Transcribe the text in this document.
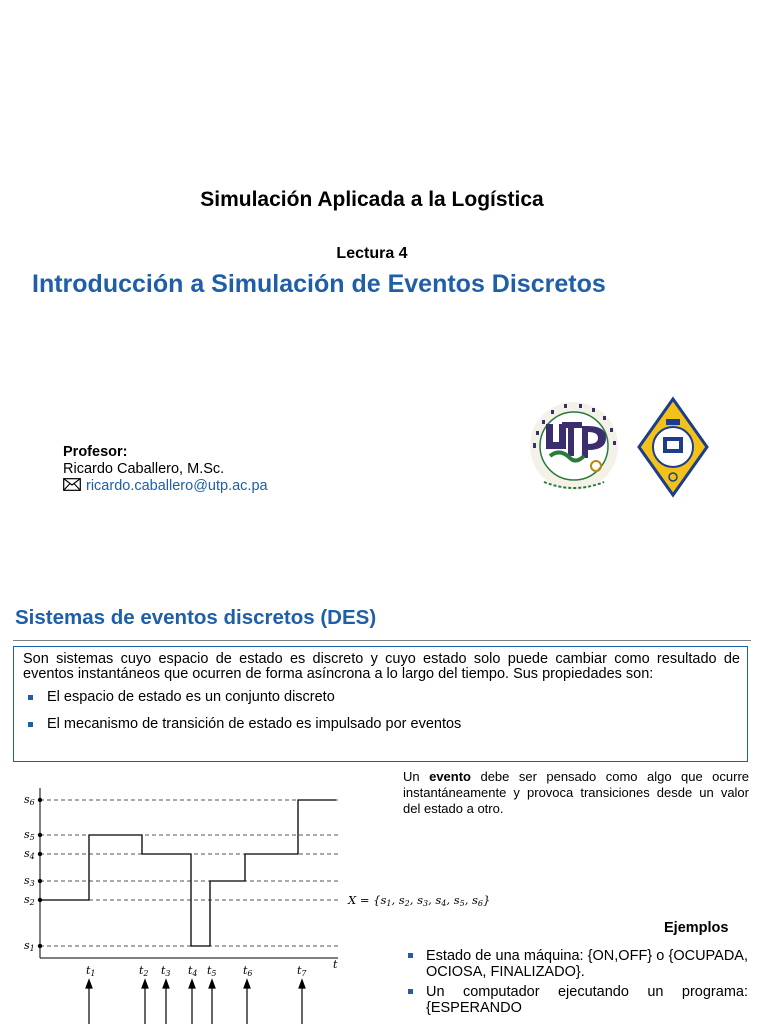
Simulación Aplicada a la Logística
Lectura 4
Introducción a Simulación de Eventos Discretos
Profesor:
Ricardo Caballero, M.Sc.
ricardo.caballero@utp.ac.pa
Sistemas de eventos discretos (DES)
Son sistemas cuyo espacio de estado es discreto y cuyo estado solo puede cambiar como resultado de eventos instantáneos que ocurren de forma asíncrona a lo largo del tiempo. Sus propiedades son:
El espacio de estado es un conjunto discreto
El mecanismo de transición de estado es impulsado por eventos
s6
s5
s4
s3
s2
s1
t1	t2 t3 t4 t5 t6	t7
t
X = {s1, s2, s3, s4, s5, s6}
Un evento debe ser pensado como algo que ocurre instantáneamente y provoca transiciones desde un valor del estado a otro.
Ejemplos
Estado de una máquina: {ON,OFF} o {OCUPADA, OCIOSA, FINALIZADO}.
Un computador ejecutando un programa: {ESPERANDO
